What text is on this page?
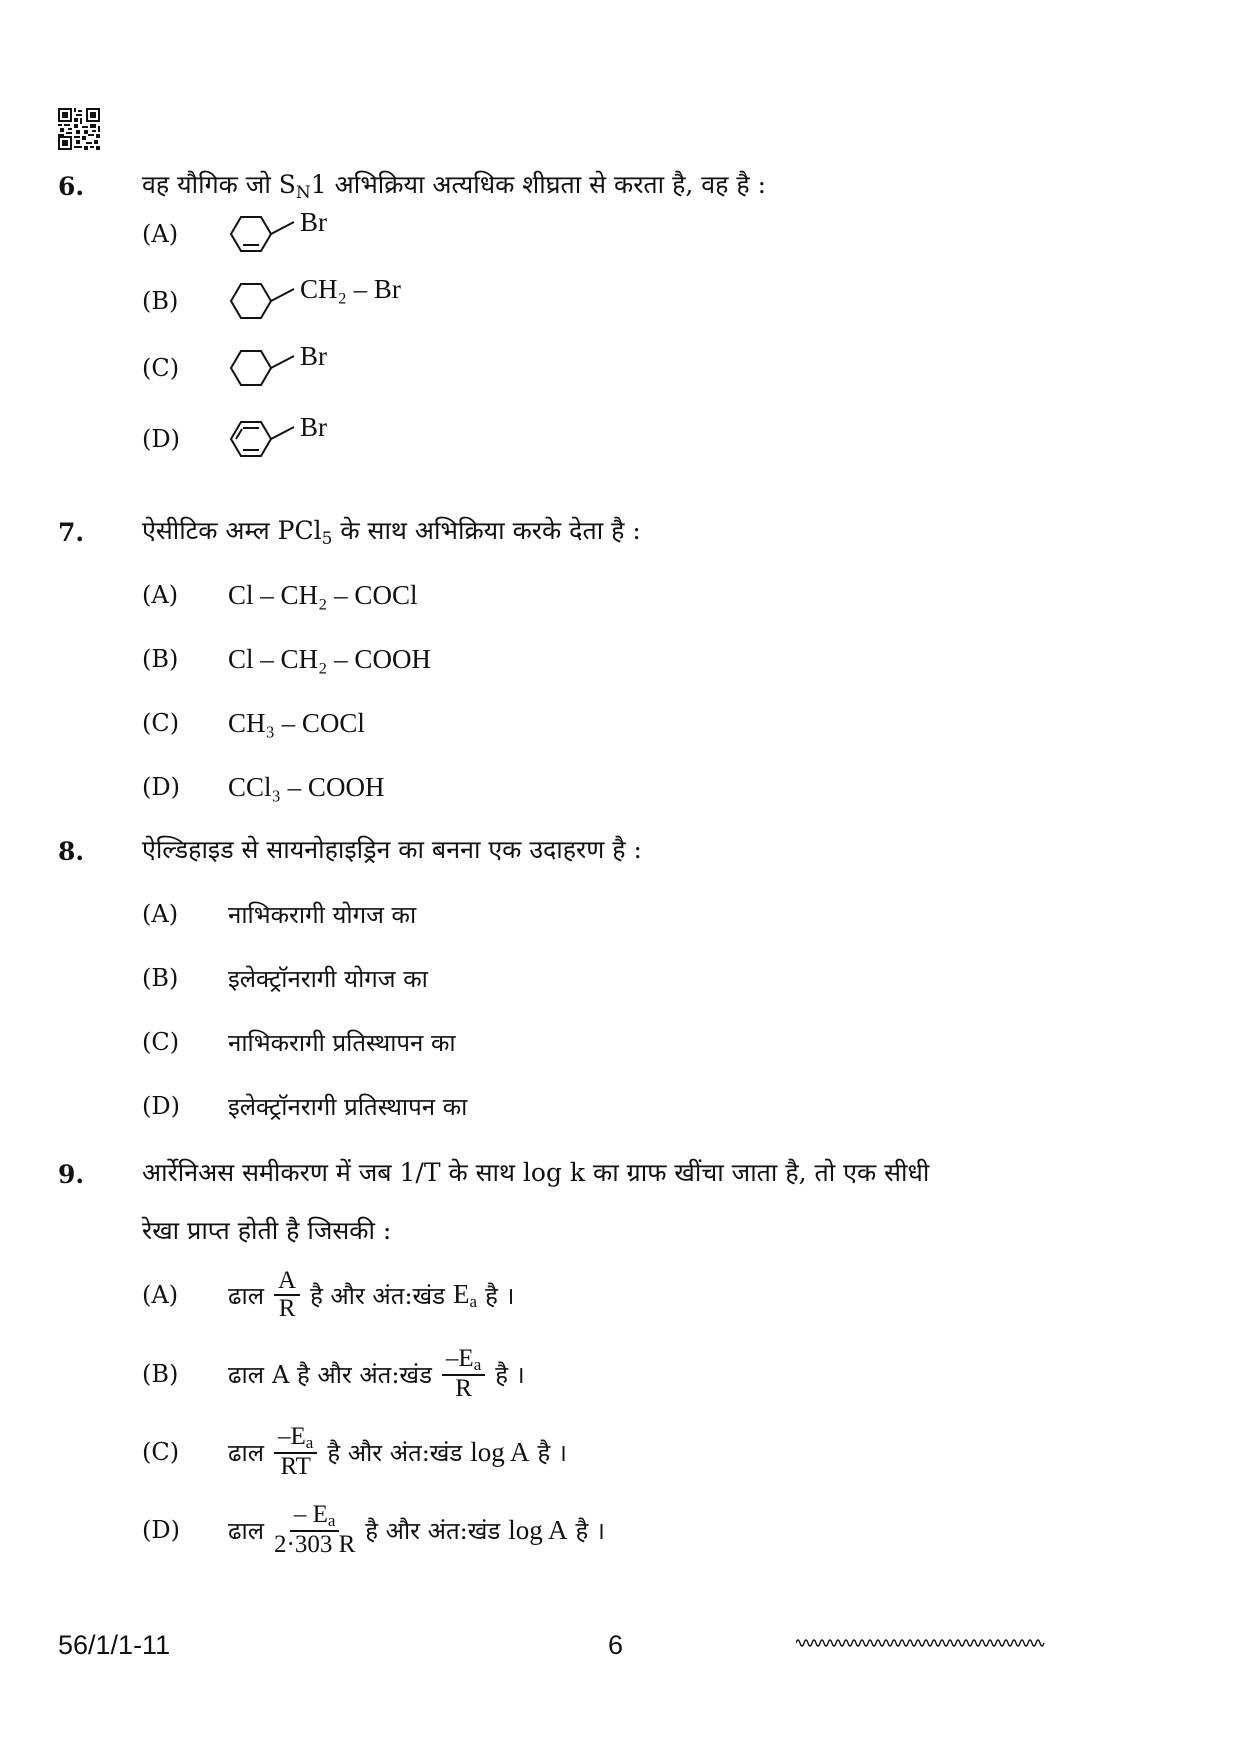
6. वह यौगिक जो $S_N1$ अभिक्रिया अत्यधिक शीघ्रता से करता है, वह है :
(A)	Br
(B)	CH₂ – Br
(C)	Br
(D)	Br
7. ऐसीटिक अम्ल PCl$_5$ के साथ अभिक्रिया करके देता है :
(A)	Cl – CH₂ – COCl
(B)	Cl – CH₂ – COOH
(C)	CH₃ – COCl
(D)	CCl₃ – COOH
8. ऐल्डिहाइड से सायनोहाइड्रिन का बनना एक उदाहरण है :
(A)	नाभिकरागी योगज का
(B)	इलेक्ट्रॉनरागी योगज का
(C)	नाभिकरागी प्रतिस्थापन का
(D)	इलेक्ट्रॉनरागी प्रतिस्थापन का
9. आर्रेनिअस समीकरण में जब 1/T के साथ log k का ग्राफ खींचा जाता है, तो एक सीधी
रेखा प्राप्त होती है जिसकी :
(A)	ढाल $\frac{A}{R}$ है और अंत:खंड $E_a$ है ।
(B)	ढाल A है और अंत:खंड $\frac{-E_a}{R}$ है ।
(C)	ढाल $\frac{-E_a}{RT}$ है और अंत:खंड log A है ।
(D)	ढाल $\frac{- E_a}{2\cdot 303 R}$ है और अंत:खंड log A है ।
56/1/1-11	6
